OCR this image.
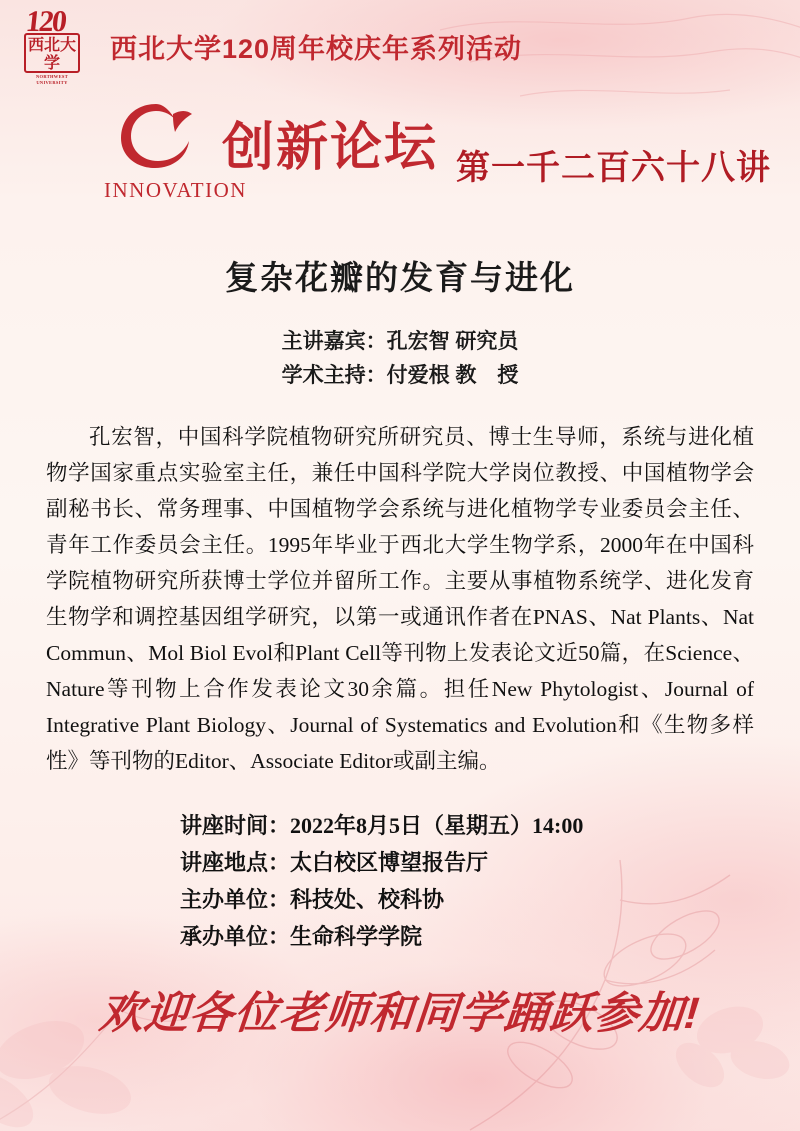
120
西北大学
NORTHWEST UNIVERSITY
西北大学120周年校庆年系列活动
INNOVATION
创新论坛 第一千二百六十八讲
复杂花瓣的发育与进化
主讲嘉宾：孔宏智 研究员
学术主持：付爱根 教　授
孔宏智，中国科学院植物研究所研究员、博士生导师，系统与进化植物学国家重点实验室主任，兼任中国科学院大学岗位教授、中国植物学会副秘书长、常务理事、中国植物学会系统与进化植物学专业委员会主任、青年工作委员会主任。1995年毕业于西北大学生物学系，2000年在中国科学院植物研究所获博士学位并留所工作。主要从事植物系统学、进化发育生物学和调控基因组学研究，以第一或通讯作者在PNAS、Nat Plants、Nat Commun、Mol Biol Evol和Plant Cell等刊物上发表论文近50篇，在Science、Nature等刊物上合作发表论文30余篇。担任New Phytologist、Journal of Integrative Plant Biology、Journal of Systematics and Evolution和《生物多样性》等刊物的Editor、Associate Editor或副主编。
讲座时间：2022年8月5日（星期五）14:00
讲座地点：太白校区博望报告厅
主办单位：科技处、校科协
承办单位：生命科学学院
欢迎各位老师和同学踊跃参加!
